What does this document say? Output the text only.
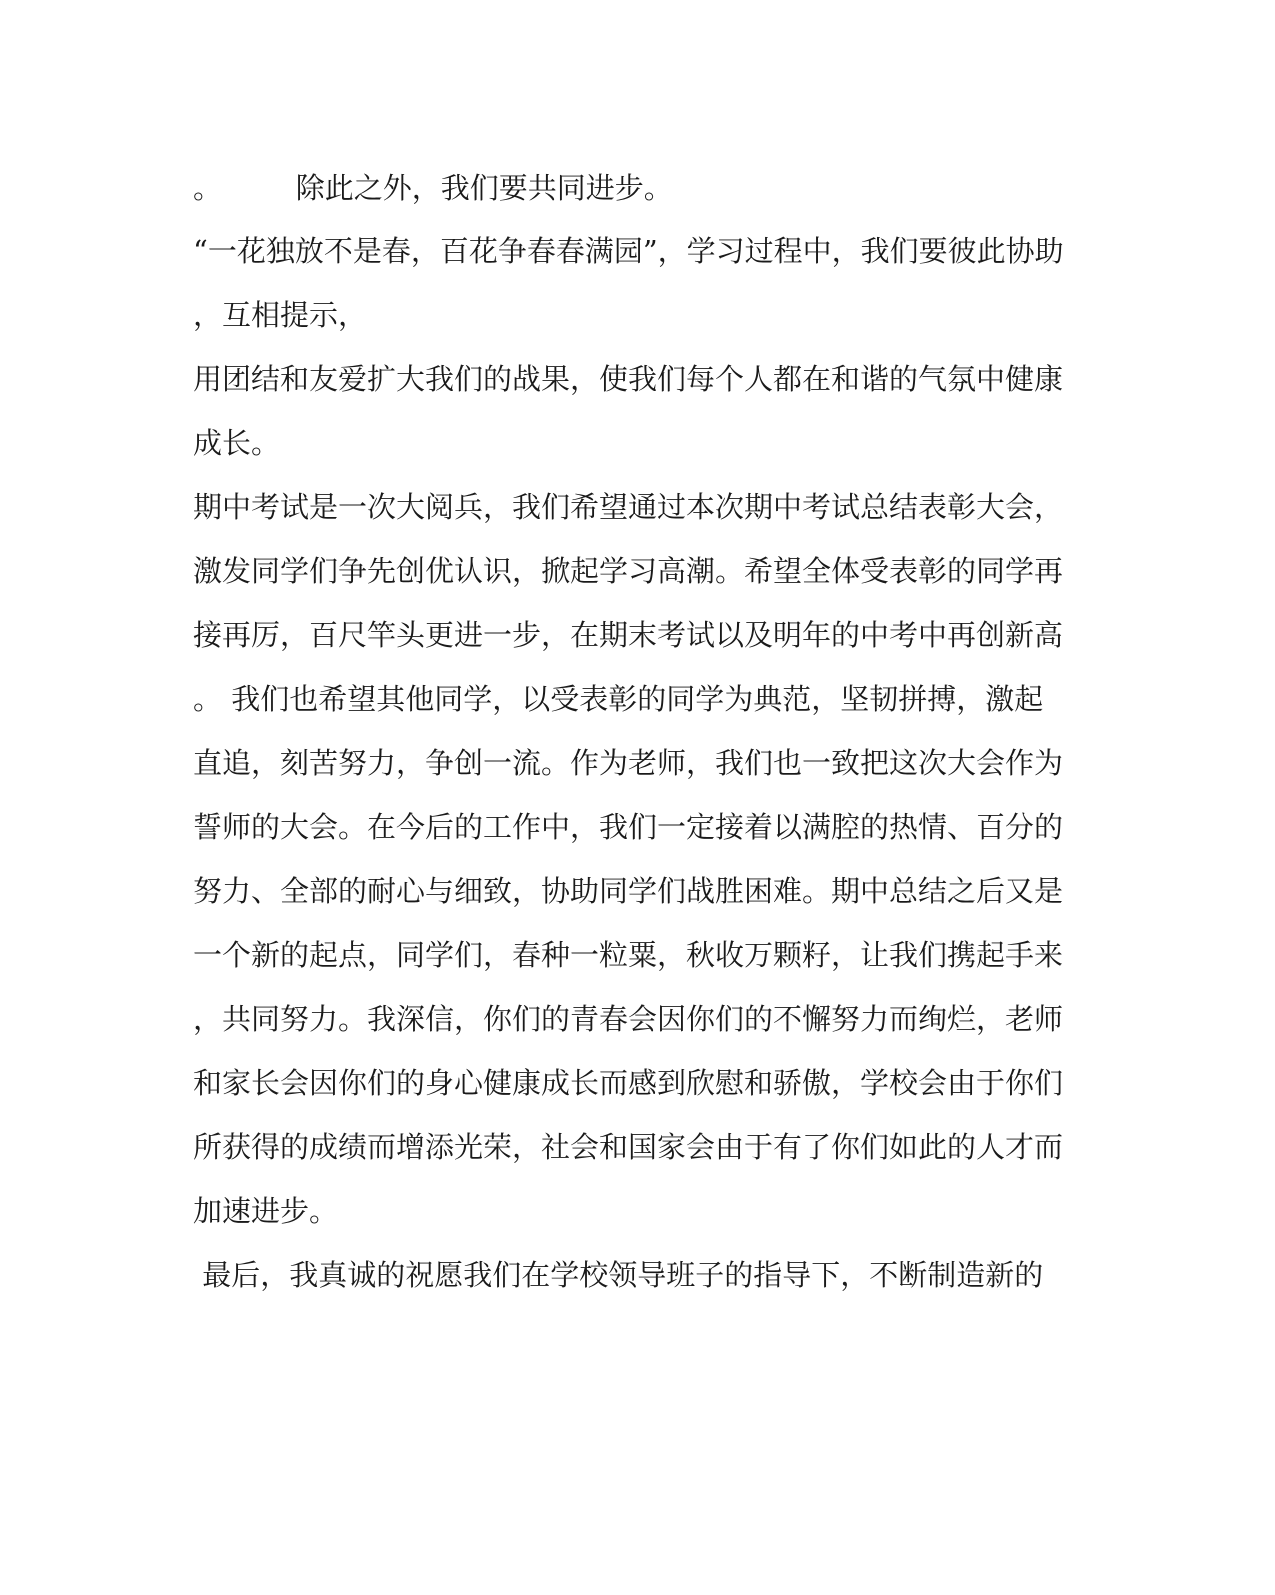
。        除此之外，我们要共同进步。

“一花独放不是春，百花争春春满园”，学习过程中，我们要彼此协助

，互相提示，

用团结和友爱扩大我们的战果，使我们每个人都在和谐的气氛中健康

成长。

期中考试是一次大阅兵，我们希望通过本次期中考试总结表彰大会，

激发同学们争先创优认识，掀起学习高潮。希望全体受表彰的同学再

接再厉，百尺竿头更进一步，在期末考试以及明年的中考中再创新高

。 我们也希望其他同学，以受表彰的同学为典范，坚韧拼搏，激起

直追，刻苦努力，争创一流。作为老师，我们也一致把这次大会作为

誓师的大会。在今后的工作中，我们一定接着以满腔的热情、百分的

努力、全部的耐心与细致，协助同学们战胜困难。期中总结之后又是

一个新的起点，同学们，春种一粒粟，秋收万颗籽，让我们携起手来

，共同努力。我深信，你们的青春会因你们的不懈努力而绚烂，老师

和家长会因你们的身心健康成长而感到欣慰和骄傲，学校会由于你们

所获得的成绩而增添光荣，社会和国家会由于有了你们如此的人才而

加速进步。

最后，我真诚的祝愿我们在学校领导班子的指导下，不断制造新的
